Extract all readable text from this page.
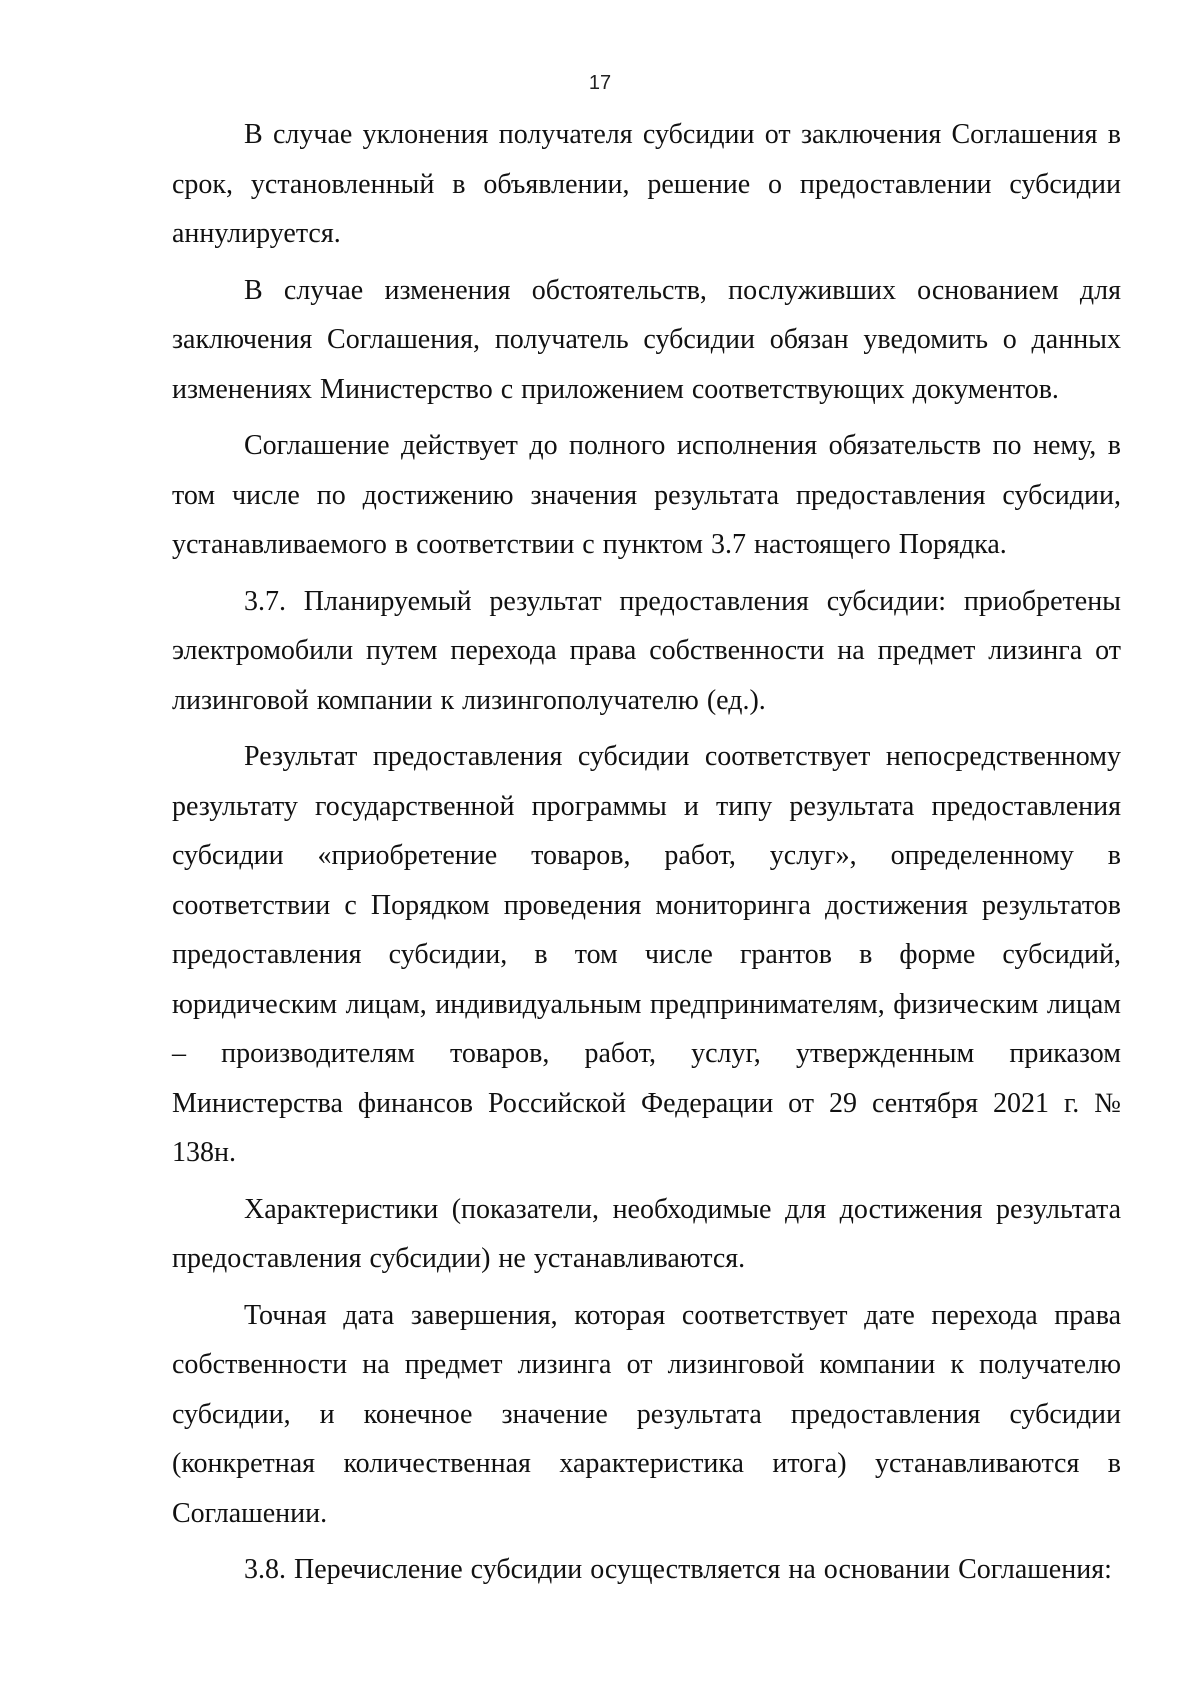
17

В случае уклонения получателя субсидии от заключения Соглашения в срок, установленный в объявлении, решение о предоставлении субсидии аннулируется.

В случае изменения обстоятельств, послуживших основанием для заключения Соглашения, получатель субсидии обязан уведомить о данных изменениях Министерство с приложением соответствующих документов.

Соглашение действует до полного исполнения обязательств по нему, в том числе по достижению значения результата предоставления субсидии, устанавливаемого в соответствии с пунктом 3.7 настоящего Порядка.

3.7. Планируемый результат предоставления субсидии: приобретены электромобили путем перехода права собственности на предмет лизинга от лизинговой компании к лизингополучателю (ед.).

Результат предоставления субсидии соответствует непосредственному результату государственной программы и типу результата предоставления субсидии «приобретение товаров, работ, услуг», определенному в соответствии с Порядком проведения мониторинга достижения результатов предоставления субсидии, в том числе грантов в форме субсидий, юридическим лицам, индивидуальным предпринимателям, физическим лицам – производителям товаров, работ, услуг, утвержденным приказом Министерства финансов Российской Федерации от 29 сентября 2021 г. № 138н.

Характеристики (показатели, необходимые для достижения результата предоставления субсидии) не устанавливаются.

Точная дата завершения, которая соответствует дате перехода права собственности на предмет лизинга от лизинговой компании к получателю субсидии, и конечное значение результата предоставления субсидии (конкретная количественная характеристика итога) устанавливаются в Соглашении.

3.8. Перечисление субсидии осуществляется на основании Соглашения:
